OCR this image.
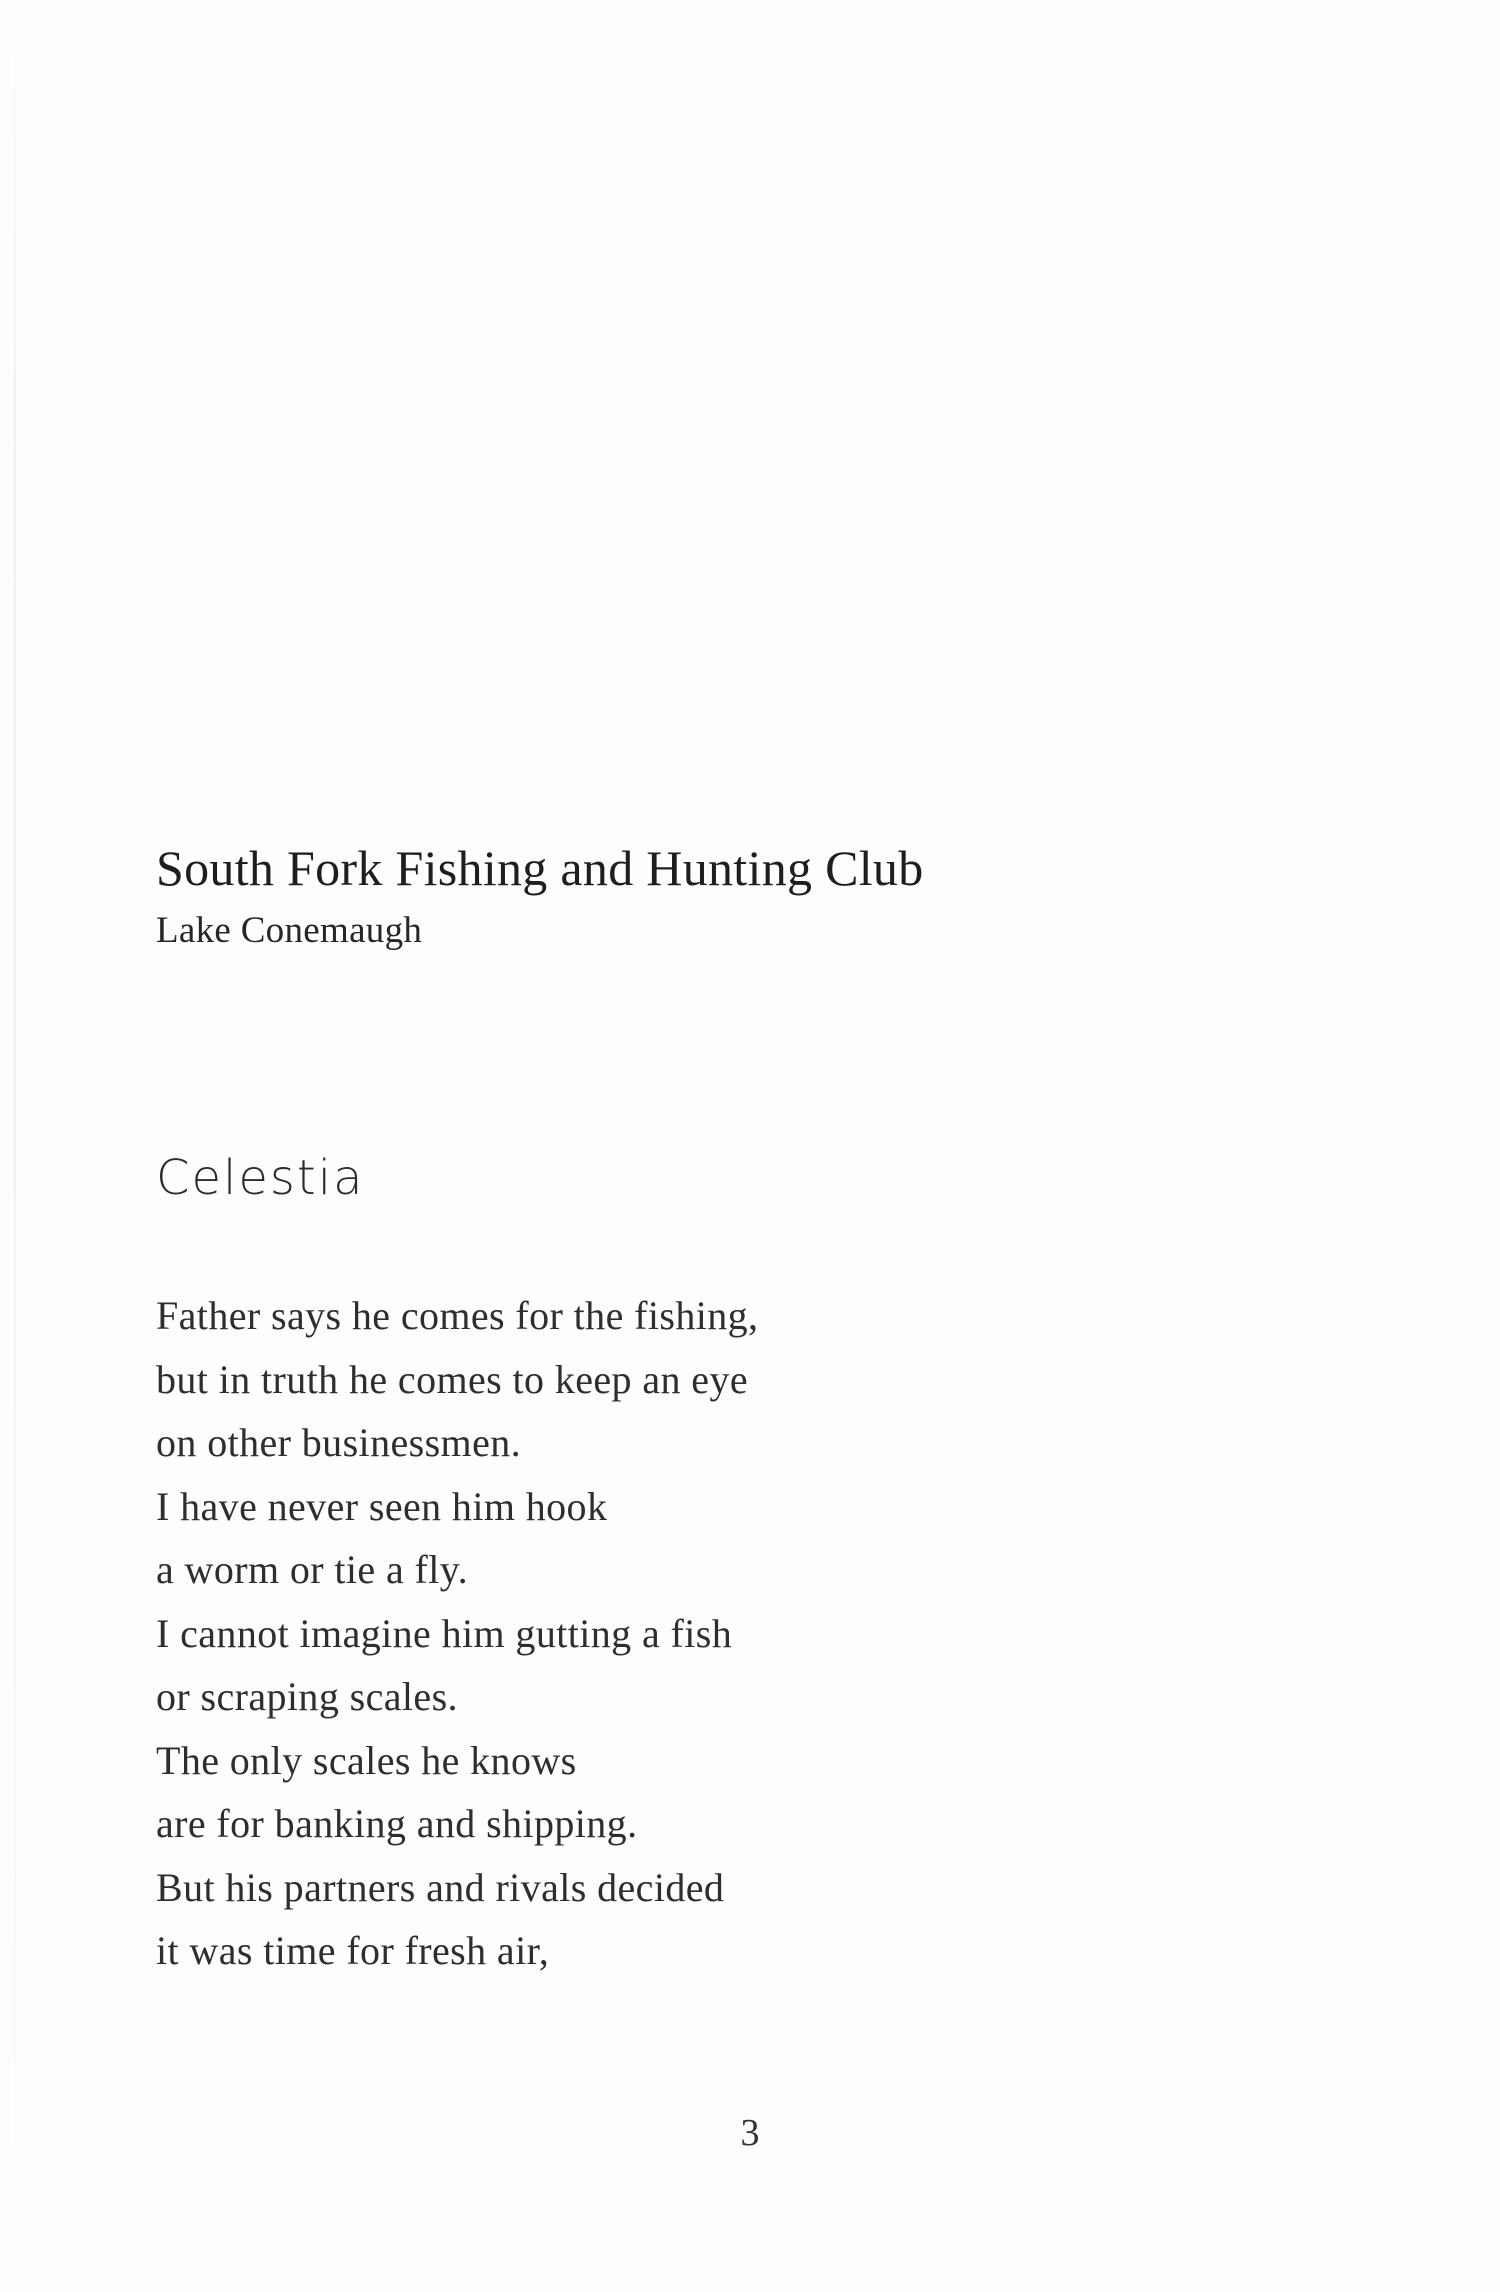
South Fork Fishing and Hunting Club
Lake Conemaugh
Celestia
Father says he comes for the fishing,
but in truth he comes to keep an eye
on other businessmen.
I have never seen him hook
a worm or tie a fly.
I cannot imagine him gutting a fish
or scraping scales.
The only scales he knows
are for banking and shipping.
But his partners and rivals decided
it was time for fresh air,
3
